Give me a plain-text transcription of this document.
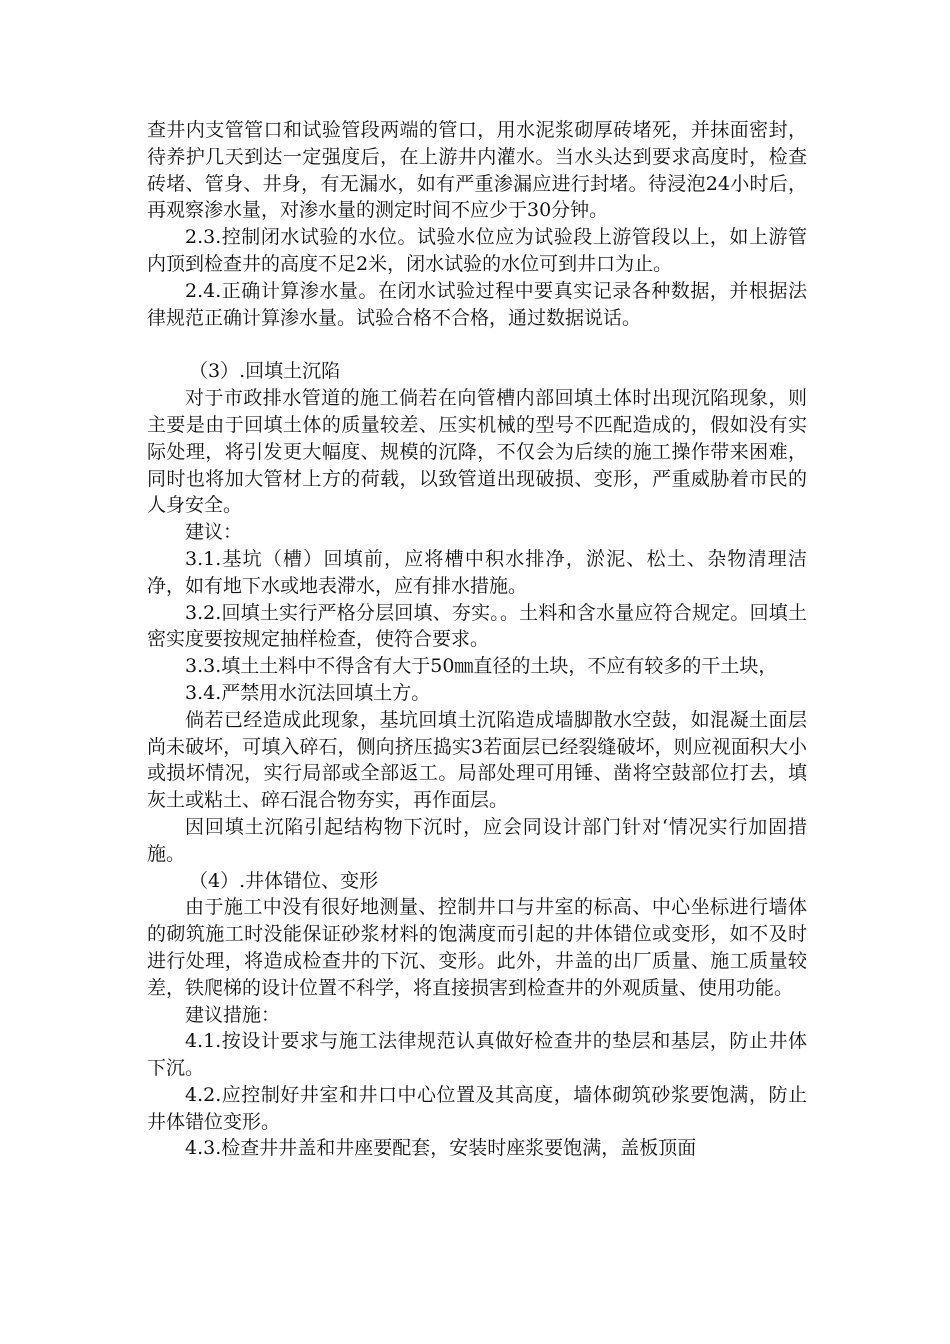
查井内支管管口和试验管段两端的管口，用水泥浆砌厚砖堵死，并抹面密封，待养护几天到达一定强度后，在上游井内灌水。当水头达到要求高度时，检查砖堵、管身、井身，有无漏水，如有严重渗漏应进行封堵。待浸泡24小时后，再观察渗水量，对渗水量的测定时间不应少于30分钟。

2.3.控制闭水试验的水位。试验水位应为试验段上游管段以上，如上游管内顶到检查井的高度不足2米，闭水试验的水位可到井口为止。

2.4.正确计算渗水量。在闭水试验过程中要真实记录各种数据，并根据法律规范正确计算渗水量。试验合格不合格，通过数据说话。

（3）.回填土沉陷

对于市政排水管道的施工倘若在向管槽内部回填土体时出现沉陷现象，则主要是由于回填土体的质量较差、压实机械的型号不匹配造成的，假如没有实际处理，将引发更大幅度、规模的沉降，不仅会为后续的施工操作带来困难，同时也将加大管材上方的荷载，以致管道出现破损、变形，严重威胁着市民的人身安全。

建议：

3.1.基坑（槽）回填前，应将槽中积水排净，淤泥、松土、杂物清理洁净，如有地下水或地表滞水，应有排水措施。

3.2.回填土实行严格分层回填、夯实。。土料和含水量应符合规定。回填土密实度要按规定抽样检查，使符合要求。

3.3.填土土料中不得含有大于50㎜直径的土块，不应有较多的干土块，

3.4.严禁用水沉法回填土方。

倘若已经造成此现象，基坑回填土沉陷造成墙脚散水空鼓，如混凝土面层尚未破坏，可填入碎石，侧向挤压捣实3若面层已经裂缝破坏，则应视面积大小或损坏情况，实行局部或全部返工。局部处理可用锤、凿将空鼓部位打去，填灰土或粘土、碎石混合物夯实，再作面层。

因回填土沉陷引起结构物下沉时，应会同设计部门针对‘情况实行加固措施。

（4）.井体错位、变形

由于施工中没有很好地测量、控制井口与井室的标高、中心坐标进行墙体的砌筑施工时没能保证砂浆材料的饱满度而引起的井体错位或变形，如不及时进行处理，将造成检查井的下沉、变形。此外，井盖的出厂质量、施工质量较差，铁爬梯的设计位置不科学，将直接损害到检查井的外观质量、使用功能。

建议措施：

4.1.按设计要求与施工法律规范认真做好检查井的垫层和基层，防止井体下沉。

4.2.应控制好井室和井口中心位置及其高度，墙体砌筑砂浆要饱满，防止井体错位变形。

4.3.检查井井盖和井座要配套，安装时座浆要饱满，盖板顶面
